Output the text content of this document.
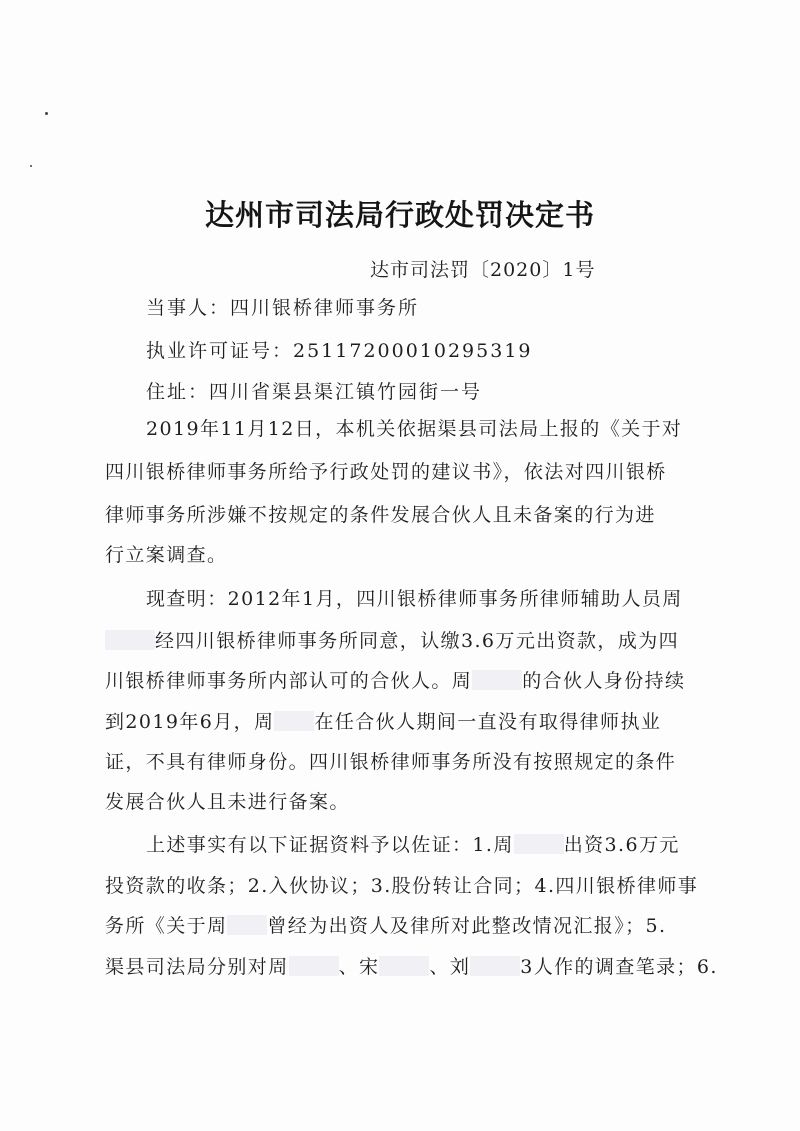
达州市司法局行政处罚决定书
达市司法罚〔2020〕1号
当事人：四川银桥律师事务所
执业许可证号：25117200010295319
住址：四川省渠县渠江镇竹园街一号
2019年11月12日，本机关依据渠县司法局上报的《关于对
四川银桥律师事务所给予行政处罚的建议书》，依法对四川银桥
律师事务所涉嫌不按规定的条件发展合伙人且未备案的行为进
行立案调查。
现查明：2012年1月，四川银桥律师事务所律师辅助人员周
经四川银桥律师事务所同意，认缴3.6万元出资款，成为四
川银桥律师事务所内部认可的合伙人。周	的合伙人身份持续
到2019年6月，周 在任合伙人期间一直没有取得律师执业
证，不具有律师身份。四川银桥律师事务所没有按照规定的条件
发展合伙人且未进行备案。
上述事实有以下证据资料予以佐证：1.周	出资3.6万元
投资款的收条；2.入伙协议；3.股份转让合同；4.四川银桥律师事
务所《关于周 曾经为出资人及律所对此整改情况汇报》；5.
渠县司法局分别对周	、宋	、刘	3人作的调查笔录；6.
